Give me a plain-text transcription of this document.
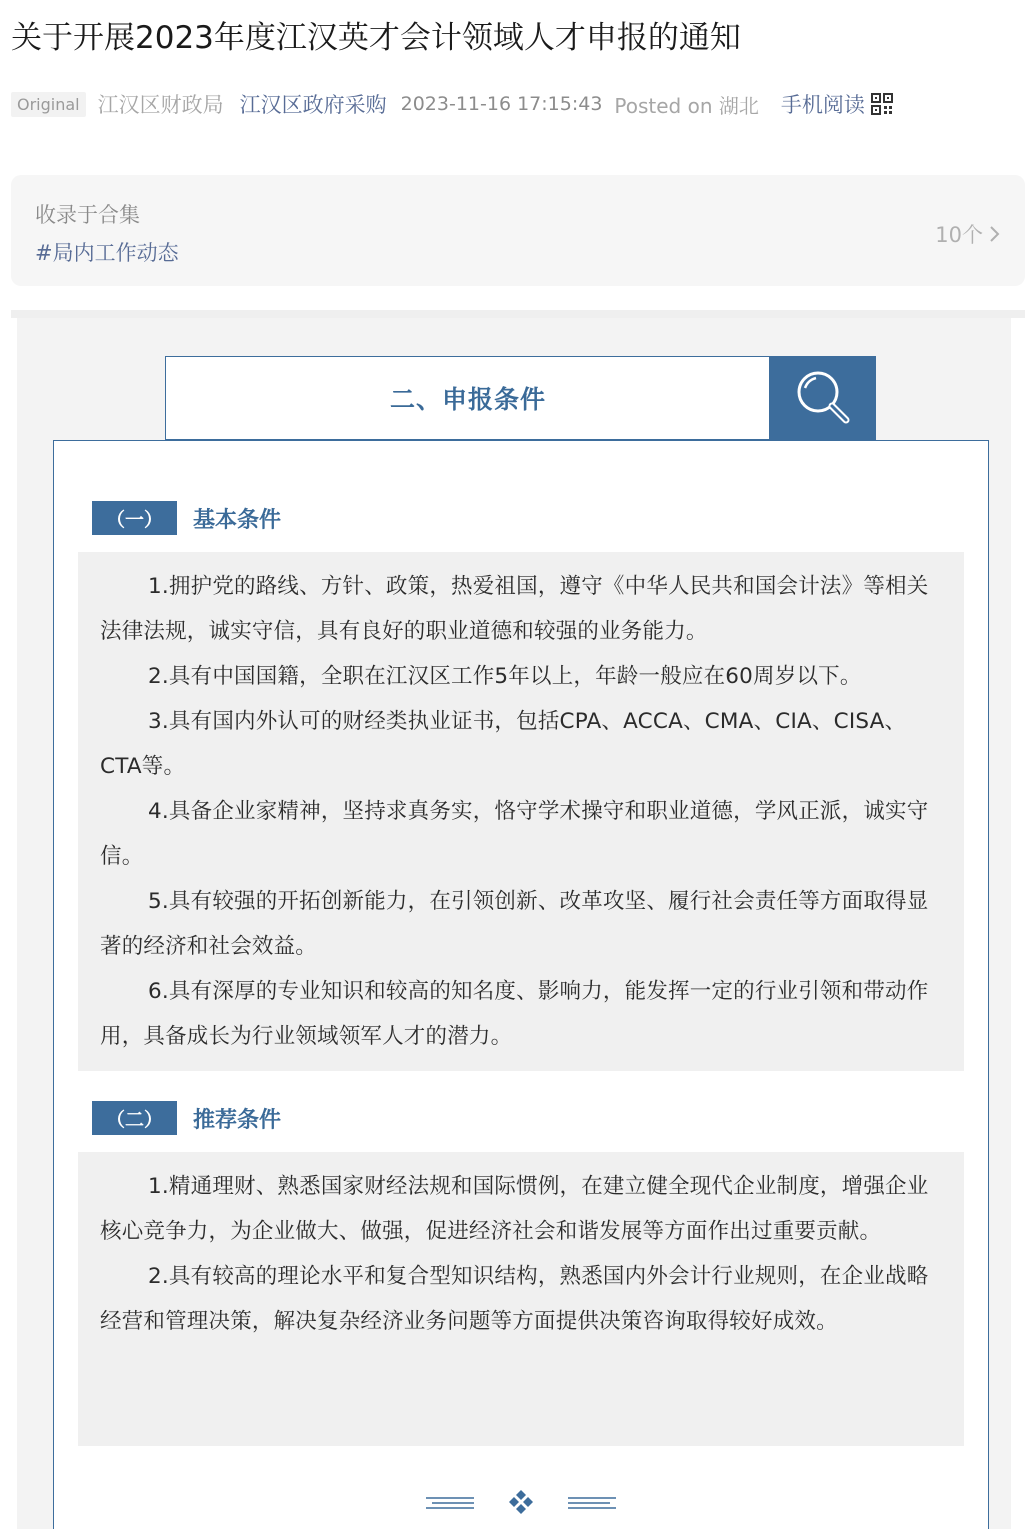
关于开展2023年度江汉英才会计领域人才申报的通知
Original 江汉区财政局 江汉区政府采购 2023-11-16 17:15:43 Posted on 湖北 手机阅读
收录于合集
#局内工作动态
10个
二、申报条件
（一）	基本条件

1.拥护党的路线、方针、政策，热爱祖国，遵守《中华人民共和国会计法》等相关法律法规，诚实守信，具有良好的职业道德和较强的业务能力。

2.具有中国国籍，全职在江汉区工作5年以上，年龄一般应在60周岁以下。

3.具有国内外认可的财经类执业证书，包括CPA、ACCA、CMA、CIA、CISA、CTA等。

4.具备企业家精神，坚持求真务实，恪守学术操守和职业道德，学风正派，诚实守信。

5.具有较强的开拓创新能力，在引领创新、改革攻坚、履行社会责任等方面取得显著的经济和社会效益。

6.具有深厚的专业知识和较高的知名度、影响力，能发挥一定的行业引领和带动作用，具备成长为行业领域领军人才的潜力。

（二）	推荐条件

1.精通理财、熟悉国家财经法规和国际惯例，在建立健全现代企业制度，增强企业核心竞争力，为企业做大、做强，促进经济社会和谐发展等方面作出过重要贡献。

2.具有较高的理论水平和复合型知识结构，熟悉国内外会计行业规则，在企业战略经营和管理决策，解决复杂经济业务问题等方面提供决策咨询取得较好成效。
